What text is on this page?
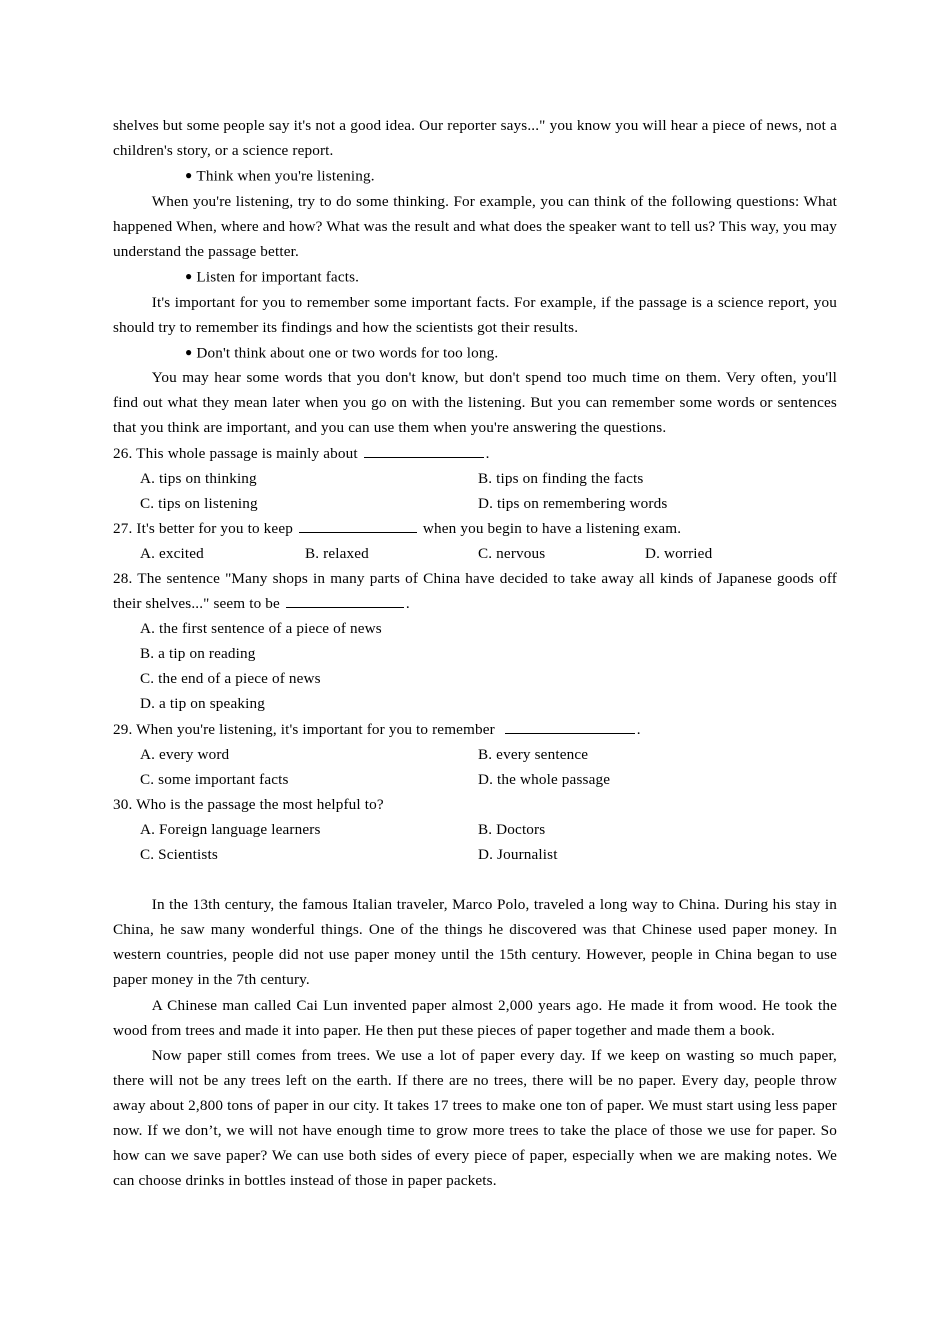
shelves but some people say it's not a good idea. Our reporter says..." you know you will hear a piece of news, not a children's story, or a science report.

● Think when you're listening.

When you're listening, try to do some thinking. For example, you can think of the following questions: What happened When, where and how? What was the result and what does the speaker want to tell us? This way, you may understand the passage better.

● Listen for important facts.

It's important for you to remember some important facts. For example, if the passage is a science report, you should try to remember its findings and how the scientists got their results.

● Don't think about one or two words for too long.

You may hear some words that you don't know, but don't spend too much time on them. Very often, you'll find out what they mean later when you go on with the listening. But you can remember some words or sentences that you think are important, and you can use them when you're answering the questions.

26. This whole passage is mainly about	.
A. tips on thinking	B. tips on finding the facts
C. tips on listening	D. tips on remembering words
27. It's better for you to keep	when you begin to have a listening exam.
A. excited	B. relaxed	C. nervous	D. worried
28. The sentence "Many shops in many parts of China have decided to take away all kinds of Japanese goods off their shelves..." seem to be	.
A. the first sentence of a piece of news
B. a tip on reading
C. the end of a piece of news
D. a tip on speaking
29. When you're listening, it's important for you to remember	.
A. every word	B. every sentence
C. some important facts	D. the whole passage
30. Who is the passage the most helpful to?
A. Foreign language learners	B. Doctors
C. Scientists	D. Journalist

In the 13th century, the famous Italian traveler, Marco Polo, traveled a long way to China. During his stay in China, he saw many wonderful things. One of the things he discovered was that Chinese used paper money. In western countries, people did not use paper money until the 15th century. However, people in China began to use paper money in the 7th century.

A Chinese man called Cai Lun invented paper almost 2,000 years ago. He made it from wood. He took the wood from trees and made it into paper. He then put these pieces of paper together and made them a book.

Now paper still comes from trees. We use a lot of paper every day. If we keep on wasting so much paper, there will not be any trees left on the earth. If there are no trees, there will be no paper. Every day, people throw away about 2,800 tons of paper in our city. It takes 17 trees to make one ton of paper. We must start using less paper now. If we don’t, we will not have enough time to grow more trees to take the place of those we use for paper. So how can we save paper? We can use both sides of every piece of paper, especially when we are making notes. We can choose drinks in bottles instead of those in paper packets.
